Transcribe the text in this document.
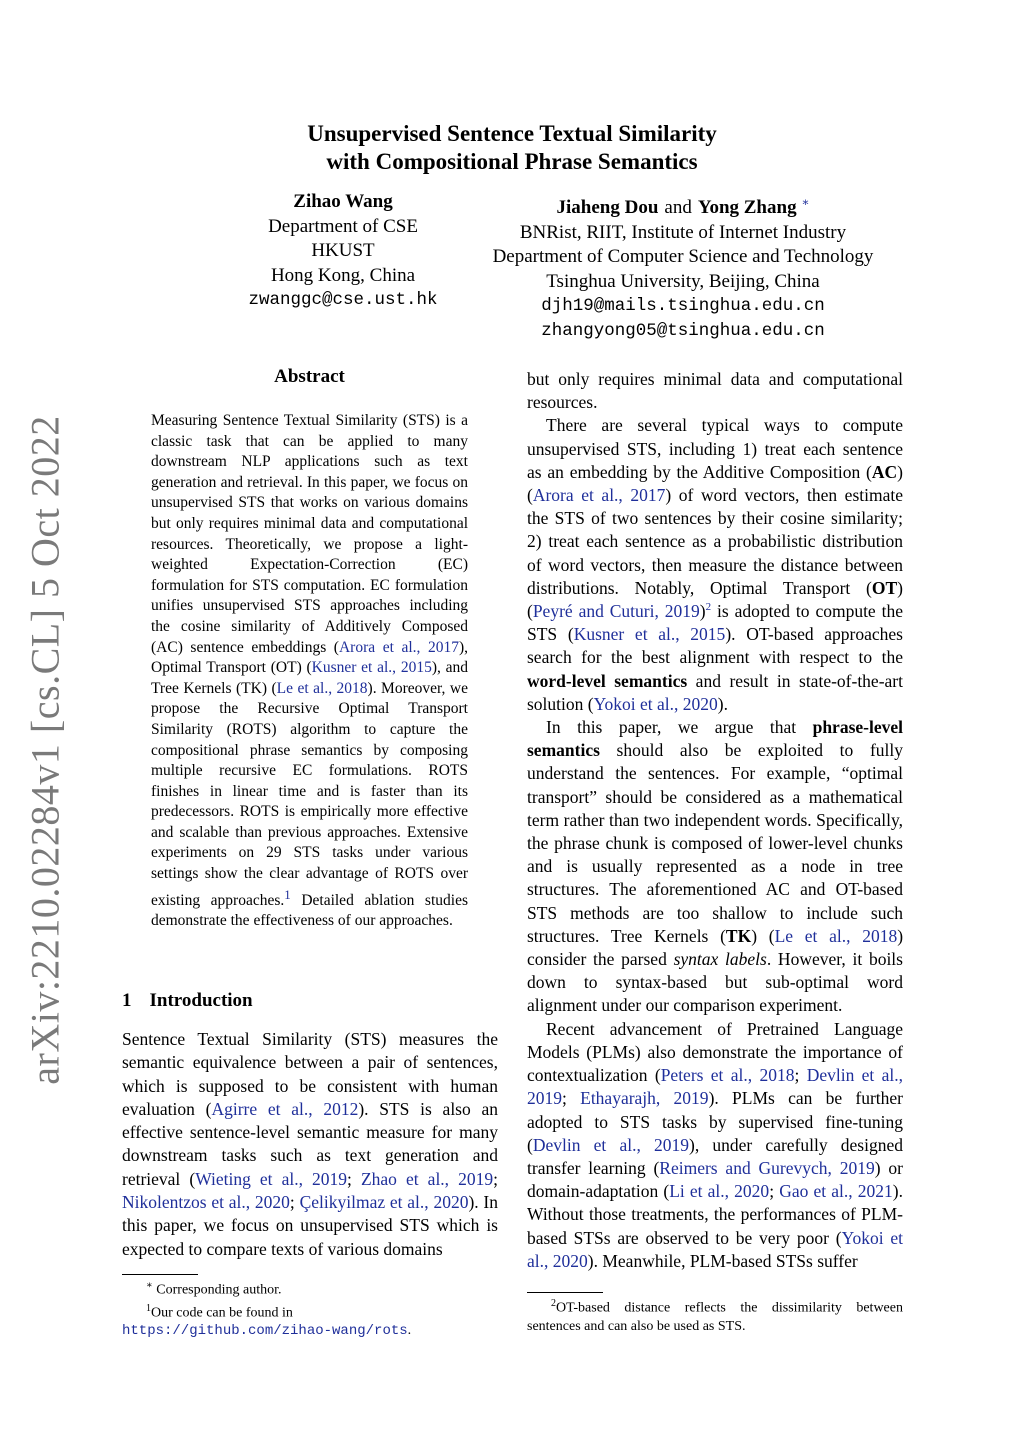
arXiv:2210.02284v1 [cs.CL] 5 Oct 2022
Unsupervised Sentence Textual Similarity
with Compositional Phrase Semantics
Zihao Wang
Department of CSE
HKUST
Hong Kong, China
zwanggc@cse.ust.hk
Jiaheng Dou and Yong Zhang ∗
BNRist, RIIT, Institute of Internet Industry
Department of Computer Science and Technology
Tsinghua University, Beijing, China
djh19@mails.tsinghua.edu.cn
zhangyong05@tsinghua.edu.cn
Abstract
Measuring Sentence Textual Similarity (STS) is a classic task that can be applied to many downstream NLP applications such as text generation and retrieval. In this paper, we focus on unsupervised STS that works on various domains but only requires minimal data and computational resources. Theoretically, we propose a light-weighted Expectation-Correction (EC) formulation for STS computation. EC formulation unifies unsupervised STS approaches including the cosine similarity of Additively Composed (AC) sentence embeddings (Arora et al., 2017), Optimal Transport (OT) (Kusner et al., 2015), and Tree Kernels (TK) (Le et al., 2018). Moreover, we propose the Recursive Optimal Transport Similarity (ROTS) algorithm to capture the compositional phrase semantics by composing multiple recursive EC formulations. ROTS finishes in linear time and is faster than its predecessors. ROTS is empirically more effective and scalable than previous approaches. Extensive experiments on 29 STS tasks under various settings show the clear advantage of ROTS over existing approaches.$^1$ Detailed ablation studies demonstrate the effectiveness of our approaches.
1 Introduction

Sentence Textual Similarity (STS) measures the semantic equivalence between a pair of sentences, which is supposed to be consistent with human evaluation (Agirre et al., 2012). STS is also an effective sentence-level semantic measure for many downstream tasks such as text generation and retrieval (Wieting et al., 2019; Zhao et al., 2019; Nikolentzos et al., 2020; Çelikyilmaz et al., 2020). In this paper, we focus on unsupervised STS which is expected to compare texts of various domains

∗ Corresponding author.
$^1$Our code can be found in https://github.com/zihao-wang/rots.

but only requires minimal data and computational resources.

There are several typical ways to compute unsupervised STS, including 1) treat each sentence as an embedding by the Additive Composition (AC) (Arora et al., 2017) of word vectors, then estimate the STS of two sentences by their cosine similarity; 2) treat each sentence as a probabilistic distribution of word vectors, then measure the distance between distributions. Notably, Optimal Transport (OT) (Peyré and Cuturi, 2019)$^2$ is adopted to compute the STS (Kusner et al., 2015). OT-based approaches search for the best alignment with respect to the word-level semantics and result in state-of-the-art solution (Yokoi et al., 2020).

In this paper, we argue that phrase-level semantics should also be exploited to fully understand the sentences. For example, “optimal transport” should be considered as a mathematical term rather than two independent words. Specifically, the phrase chunk is composed of lower-level chunks and is usually represented as a node in tree structures. The aforementioned AC and OT-based STS methods are too shallow to include such structures. Tree Kernels (TK) (Le et al., 2018) consider the parsed syntax labels. However, it boils down to syntax-based but sub-optimal word alignment under our comparison experiment.

Recent advancement of Pretrained Language Models (PLMs) also demonstrate the importance of contextualization (Peters et al., 2018; Devlin et al., 2019; Ethayarajh, 2019). PLMs can be further adopted to STS tasks by supervised fine-tuning (Devlin et al., 2019), under carefully designed transfer learning (Reimers and Gurevych, 2019) or domain-adaptation (Li et al., 2020; Gao et al., 2021). Without those treatments, the performances of PLM-based STSs are observed to be very poor (Yokoi et al., 2020). Meanwhile, PLM-based STSs suffer

$^2$OT-based distance reflects the dissimilarity between sentences and can also be used as STS.
